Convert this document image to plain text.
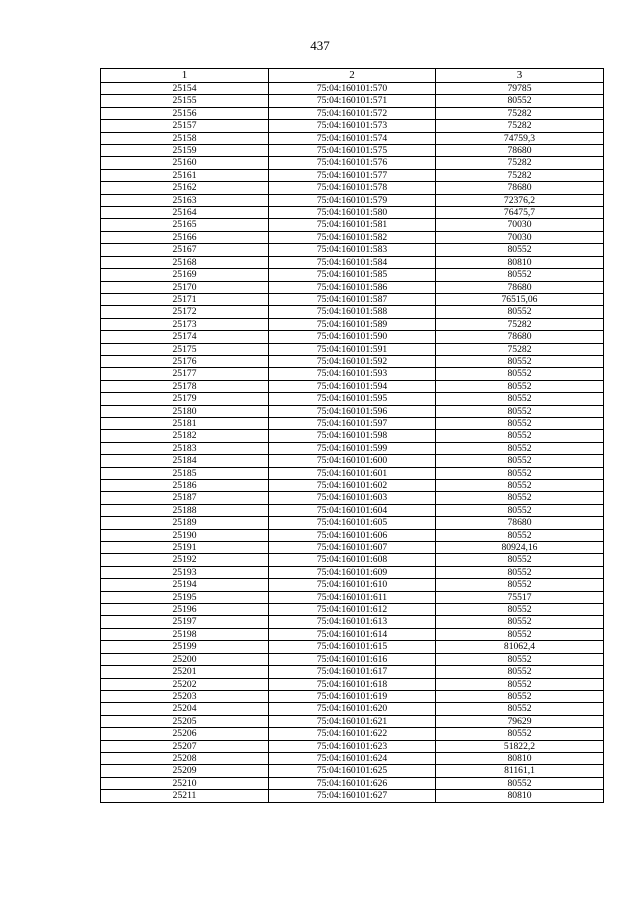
437
1	2	3
25154	75:04:160101:570	79785
25155	75:04:160101:571	80552
25156	75:04:160101:572	75282
25157	75:04:160101:573	75282
25158	75:04:160101:574	74759,3
25159	75:04:160101:575	78680
25160	75:04:160101:576	75282
25161	75:04:160101:577	75282
25162	75:04:160101:578	78680
25163	75:04:160101:579	72376,2
25164	75:04:160101:580	76475,7
25165	75:04:160101:581	70030
25166	75:04:160101:582	70030
25167	75:04:160101:583	80552
25168	75:04:160101:584	80810
25169	75:04:160101:585	80552
25170	75:04:160101:586	78680
25171	75:04:160101:587	76515,06
25172	75:04:160101:588	80552
25173	75:04:160101:589	75282
25174	75:04:160101:590	78680
25175	75:04:160101:591	75282
25176	75:04:160101:592	80552
25177	75:04:160101:593	80552
25178	75:04:160101:594	80552
25179	75:04:160101:595	80552
25180	75:04:160101:596	80552
25181	75:04:160101:597	80552
25182	75:04:160101:598	80552
25183	75:04:160101:599	80552
25184	75:04:160101:600	80552
25185	75:04:160101:601	80552
25186	75:04:160101:602	80552
25187	75:04:160101:603	80552
25188	75:04:160101:604	80552
25189	75:04:160101:605	78680
25190	75:04:160101:606	80552
25191	75:04:160101:607	80924,16
25192	75:04:160101:608	80552
25193	75:04:160101:609	80552
25194	75:04:160101:610	80552
25195	75:04:160101:611	75517
25196	75:04:160101:612	80552
25197	75:04:160101:613	80552
25198	75:04:160101:614	80552
25199	75:04:160101:615	81062,4
25200	75:04:160101:616	80552
25201	75:04:160101:617	80552
25202	75:04:160101:618	80552
25203	75:04:160101:619	80552
25204	75:04:160101:620	80552
25205	75:04:160101:621	79629
25206	75:04:160101:622	80552
25207	75:04:160101:623	51822,2
25208	75:04:160101:624	80810
25209	75:04:160101:625	81161,1
25210	75:04:160101:626	80552
25211	75:04:160101:627	80810
